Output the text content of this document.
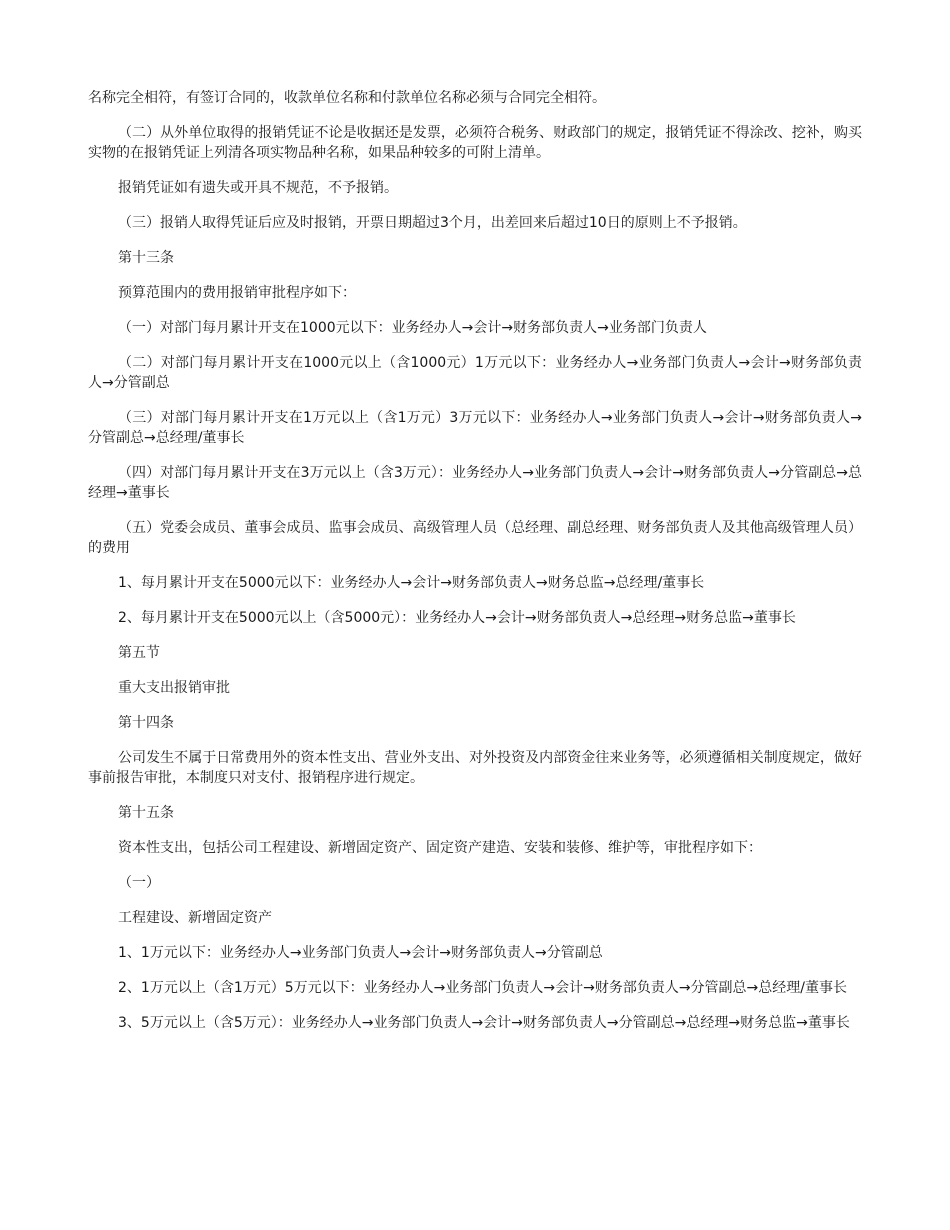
名称完全相符，有签订合同的，收款单位名称和付款单位名称必须与合同完全相符。

（二）从外单位取得的报销凭证不论是收据还是发票，必须符合税务、财政部门的规定，报销凭证不得涂改、挖补，购买实物的在报销凭证上列清各项实物品种名称，如果品种较多的可附上清单。

报销凭证如有遗失或开具不规范，不予报销。

（三）报销人取得凭证后应及时报销，开票日期超过3个月，出差回来后超过10日的原则上不予报销。

第十三条

预算范围内的费用报销审批程序如下：

（一）对部门每月累计开支在1000元以下：业务经办人→会计→财务部负责人→业务部门负责人

（二）对部门每月累计开支在1000元以上（含1000元）1万元以下：业务经办人→业务部门负责人→会计→财务部负责人→分管副总

（三）对部门每月累计开支在1万元以上（含1万元）3万元以下：业务经办人→业务部门负责人→会计→财务部负责人→分管副总→总经理/董事长

（四）对部门每月累计开支在3万元以上（含3万元）：业务经办人→业务部门负责人→会计→财务部负责人→分管副总→总经理→董事长

（五）党委会成员、董事会成员、监事会成员、高级管理人员（总经理、副总经理、财务部负责人及其他高级管理人员）的费用

1、每月累计开支在5000元以下：业务经办人→会计→财务部负责人→财务总监→总经理/董事长

2、每月累计开支在5000元以上（含5000元）：业务经办人→会计→财务部负责人→总经理→财务总监→董事长

第五节

重大支出报销审批

第十四条

公司发生不属于日常费用外的资本性支出、营业外支出、对外投资及内部资金往来业务等，必须遵循相关制度规定，做好事前报告审批，本制度只对支付、报销程序进行规定。

第十五条

资本性支出，包括公司工程建设、新增固定资产、固定资产建造、安装和装修、维护等，审批程序如下：

（一）

工程建设、新增固定资产

1、1万元以下：业务经办人→业务部门负责人→会计→财务部负责人→分管副总

2、1万元以上（含1万元）5万元以下：业务经办人→业务部门负责人→会计→财务部负责人→分管副总→总经理/董事长

3、5万元以上（含5万元）：业务经办人→业务部门负责人→会计→财务部负责人→分管副总→总经理→财务总监→董事长
